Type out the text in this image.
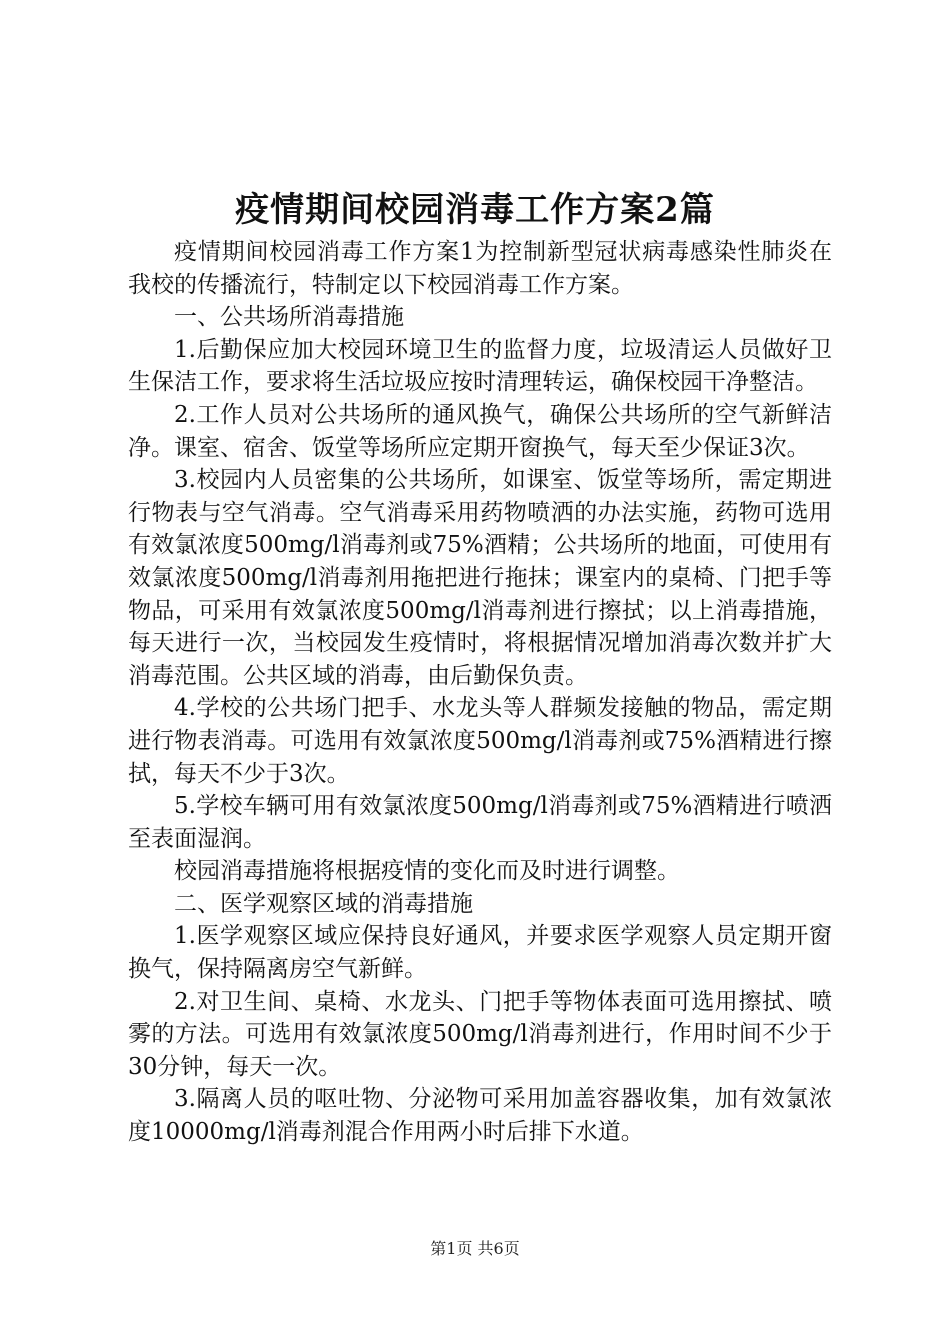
疫情期间校园消毒工作方案2篇

疫情期间校园消毒工作方案1为控制新型冠状病毒感染性肺炎在我校的传播流行，特制定以下校园消毒工作方案。

一、公共场所消毒措施

1.后勤保应加大校园环境卫生的监督力度，垃圾清运人员做好卫生保洁工作，要求将生活垃圾应按时清理转运，确保校园干净整洁。

2.工作人员对公共场所的通风换气，确保公共场所的空气新鲜洁净。课室、宿舍、饭堂等场所应定期开窗换气，每天至少保证3次。

3.校园内人员密集的公共场所，如课室、饭堂等场所，需定期进行物表与空气消毒。空气消毒采用药物喷洒的办法实施，药物可选用有效氯浓度500mg/l消毒剂或75%酒精；公共场所的地面，可使用有效氯浓度500mg/l消毒剂用拖把进行拖抹；课室内的桌椅、门把手等物品，可采用有效氯浓度500mg/l消毒剂进行擦拭；以上消毒措施，每天进行一次，当校园发生疫情时，将根据情况增加消毒次数并扩大消毒范围。公共区域的消毒，由后勤保负责。

4.学校的公共场门把手、水龙头等人群频发接触的物品，需定期进行物表消毒。可选用有效氯浓度500mg/l消毒剂或75%酒精进行擦拭，每天不少于3次。

5.学校车辆可用有效氯浓度500mg/l消毒剂或75%酒精进行喷洒至表面湿润。

校园消毒措施将根据疫情的变化而及时进行调整。

二、医学观察区域的消毒措施

1.医学观察区域应保持良好通风，并要求医学观察人员定期开窗换气，保持隔离房空气新鲜。

2.对卫生间、桌椅、水龙头、门把手等物体表面可选用擦拭、喷雾的方法。可选用有效氯浓度500mg/l消毒剂进行，作用时间不少于30分钟，每天一次。

3.隔离人员的呕吐物、分泌物可采用加盖容器收集，加有效氯浓度10000mg/l消毒剂混合作用两小时后排下水道。

第1页 共6页
